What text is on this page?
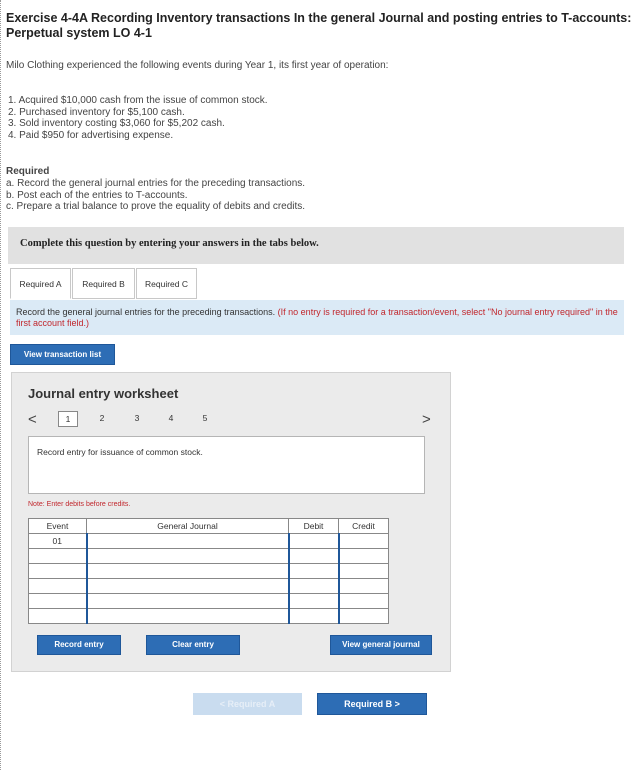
Exercise 4-4A Recording Inventory transactions In the general Journal and posting entries to T-accounts: Perpetual system LO 4-1
Milo Clothing experienced the following events during Year 1, its first year of operation:
1. Acquired $10,000 cash from the issue of common stock.
2. Purchased inventory for $5,100 cash.
3. Sold inventory costing $3,060 for $5,202 cash.
4. Paid $950 for advertising expense.
Required
a. Record the general journal entries for the preceding transactions.
b. Post each of the entries to T-accounts.
c. Prepare a trial balance to prove the equality of debits and credits.
Complete this question by entering your answers in the tabs below.
Required A	Required B	Required C
Record the general journal entries for the preceding transactions. (If no entry is required for a transaction/event, select "No journal entry required" in the first account field.)
View transaction list
Journal entry worksheet
<	1	2	3	4	5	>
Record entry for issuance of common stock.
Note: Enter debits before credits.
Event	General Journal	Debit	Credit
01	

Record entry	Clear entry	View general journal
< Required A	Required B >
